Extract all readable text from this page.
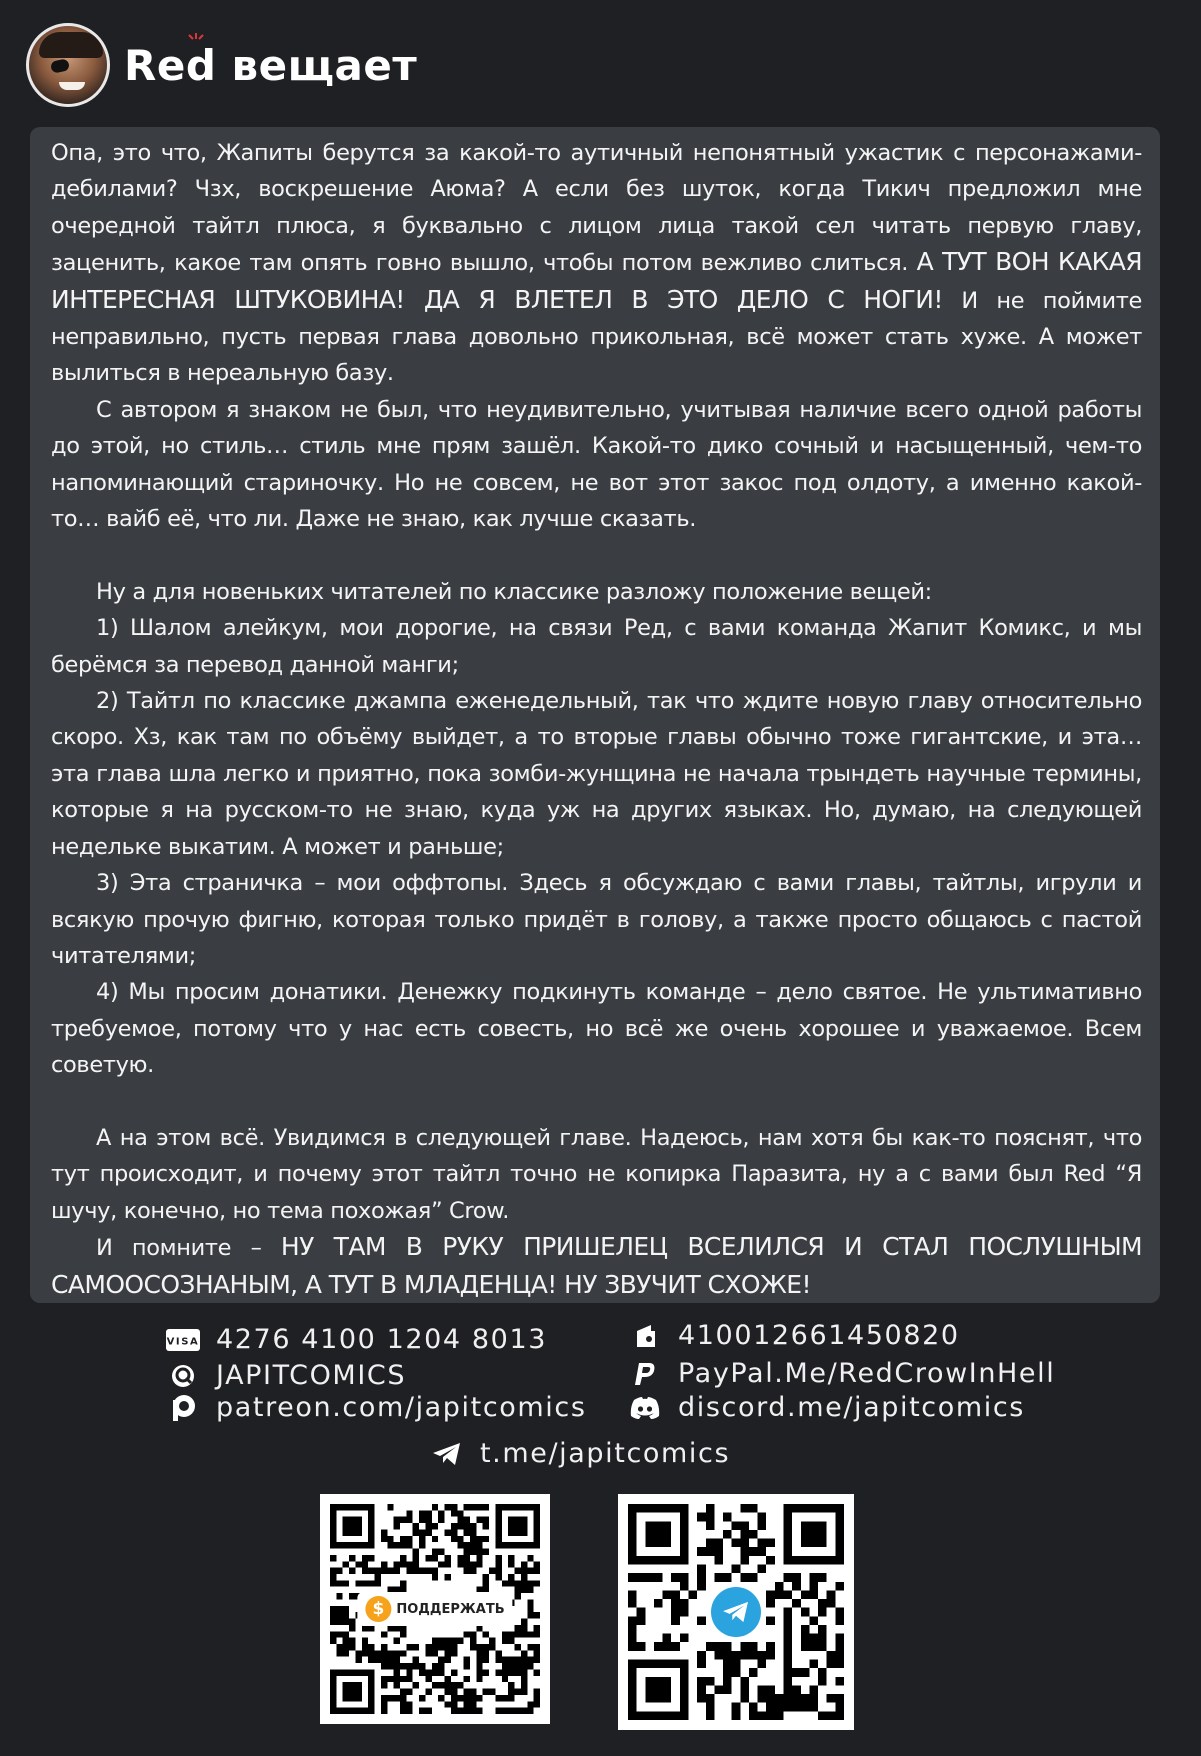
Red вещает

Опа, это что, Жапиты берутся за какой-то аутичный непонятный ужастик с персонажами-дебилами? Чзх, воскрешение Аюма? А если без шуток, когда Тикич предложил мне очередной тайтл плюса, я буквально с лицом лица такой сел читать первую главу, заценить, какое там опять говно вышло, чтобы потом вежливо слиться. А ТУТ ВОН КАКАЯ ИНТЕРЕСНАЯ ШТУКОВИНА! ДА Я ВЛЕТЕЛ В ЭТО ДЕЛО С НОГИ! И не поймите неправильно, пусть первая глава довольно прикольная, всё может стать хуже. А может вылиться в нереальную базу.

С автором я знаком не был, что неудивительно, учитывая наличие всего одной работы до этой, но стиль… стиль мне прям зашёл. Какой-то дико сочный и насыщенный, чем-то напоминающий стариночку. Но не совсем, не вот этот закос под олдоту, а именно какой-то… вайб её, что ли. Даже не знаю, как лучше сказать.

Ну а для новеньких читателей по классике разложу положение вещей:

1) Шалом алейкум, мои дорогие, на связи Ред, с вами команда Жапит Комикс, и мы берёмся за перевод данной манги;

2) Тайтл по классике джампа еженедельный, так что ждите новую главу относительно скоро. Хз, как там по объёму выйдет, а то вторые главы обычно тоже гигантские, и эта… эта глава шла легко и приятно, пока зомби-жунщина не начала трындеть научные термины, которые я на русском-то не знаю, куда уж на других языках. Но, думаю, на следующей недельке выкатим. А может и раньше;

3) Эта страничка – мои оффтопы. Здесь я обсуждаю с вами главы, тайтлы, игрули и всякую прочую фигню, которая только придёт в голову, а также просто общаюсь с пастой читателями;

4) Мы просим донатики. Денежку подкинуть команде – дело святое. Не ультимативно требуемое, потому что у нас есть совесть, но всё же очень хорошее и уважаемое. Всем советую.

А на этом всё. Увидимся в следующей главе. Надеюсь, нам хотя бы как-то пояснят, что тут происходит, и почему этот тайтл точно не копирка Паразита, ну а с вами был Red “Я шучу, конечно, но тема похожая” Crow.

И помните – НУ ТАМ В РУКУ ПРИШЕЛЕЦ ВСЕЛИЛСЯ И СТАЛ ПОСЛУШНЫМ САМООСОЗНАНЫМ, А ТУТ В МЛАДЕНЦА! НУ ЗВУЧИТ СХОЖЕ!

VISA 4276 4100 1204 8013
JAPITCOMICS
patreon.com/japitcomics
410012661450820
PayPal.Me/RedCrowInHell
discord.me/japitcomics
t.me/japitcomics
$ ПОДДЕРЖАТЬ
